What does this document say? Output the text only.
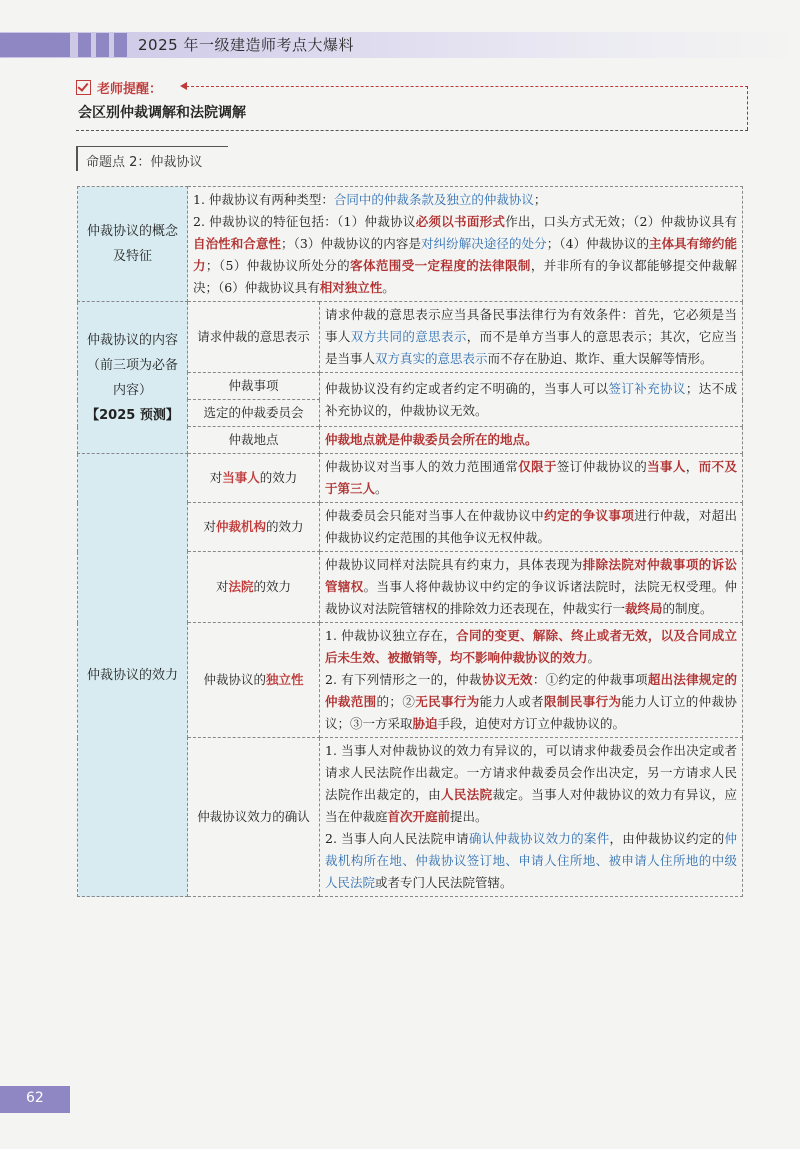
2025 年一级建造师考点大爆料
老师提醒：
会区别仲裁调解和法院调解
命题点 2：仲裁协议
仲裁协议的概念及特征	1. 仲裁协议有两种类型：合同中的仲裁条款及独立的仲裁协议；
2. 仲裁协议的特征包括：（1）仲裁协议必须以书面形式作出，口头方式无效；（2）仲裁协议具有自治性和合意性；（3）仲裁协议的内容是对纠纷解决途径的处分；（4）仲裁协议的主体具有缔约能力；（5）仲裁协议所处分的客体范围受一定程度的法律限制，并非所有的争议都能够提交仲裁解决；（6）仲裁协议具有相对独立性。	
仲裁协议的内容（前三项为必备内容）
【2025 预测】	请求仲裁的意思表示	请求仲裁的意思表示应当具备民事法律行为有效条件：首先，它必须是当事人双方共同的意思表示，而不是单方当事人的意思表示；其次，它应当是当事人双方真实的意思表示而不存在胁迫、欺诈、重大误解等情形。
	仲裁事项	仲裁协议没有约定或者约定不明确的，当事人可以签订补充协议；达不成补充协议的，仲裁协议无效。
	选定的仲裁委员会	
	仲裁地点	仲裁地点就是仲裁委员会所在的地点。
仲裁协议的效力	对当事人的效力	仲裁协议对当事人的效力范围通常仅限于签订仲裁协议的当事人，而不及于第三人。
	对仲裁机构的效力	仲裁委员会只能对当事人在仲裁协议中约定的争议事项进行仲裁，对超出仲裁协议约定范围的其他争议无权仲裁。
	对法院的效力	仲裁协议同样对法院具有约束力，具体表现为排除法院对仲裁事项的诉讼管辖权。当事人将仲裁协议中约定的争议诉诸法院时，法院无权受理。仲裁协议对法院管辖权的排除效力还表现在，仲裁实行一裁终局的制度。
	仲裁协议的独立性	1. 仲裁协议独立存在，合同的变更、解除、终止或者无效，以及合同成立后未生效、被撤销等，均不影响仲裁协议的效力。
2. 有下列情形之一的，仲裁协议无效：①约定的仲裁事项超出法律规定的仲裁范围的；②无民事行为能力人或者限制民事行为能力人订立的仲裁协议；③一方采取胁迫手段，迫使对方订立仲裁协议的。
	仲裁协议效力的确认	1. 当事人对仲裁协议的效力有异议的，可以请求仲裁委员会作出决定或者请求人民法院作出裁定。一方请求仲裁委员会作出决定，另一方请求人民法院作出裁定的，由人民法院裁定。当事人对仲裁协议的效力有异议，应当在仲裁庭首次开庭前提出。
2. 当事人向人民法院申请确认仲裁协议效力的案件，由仲裁协议约定的仲裁机构所在地、仲裁协议签订地、申请人住所地、被申请人住所地的中级人民法院或者专门人民法院管辖。
62
